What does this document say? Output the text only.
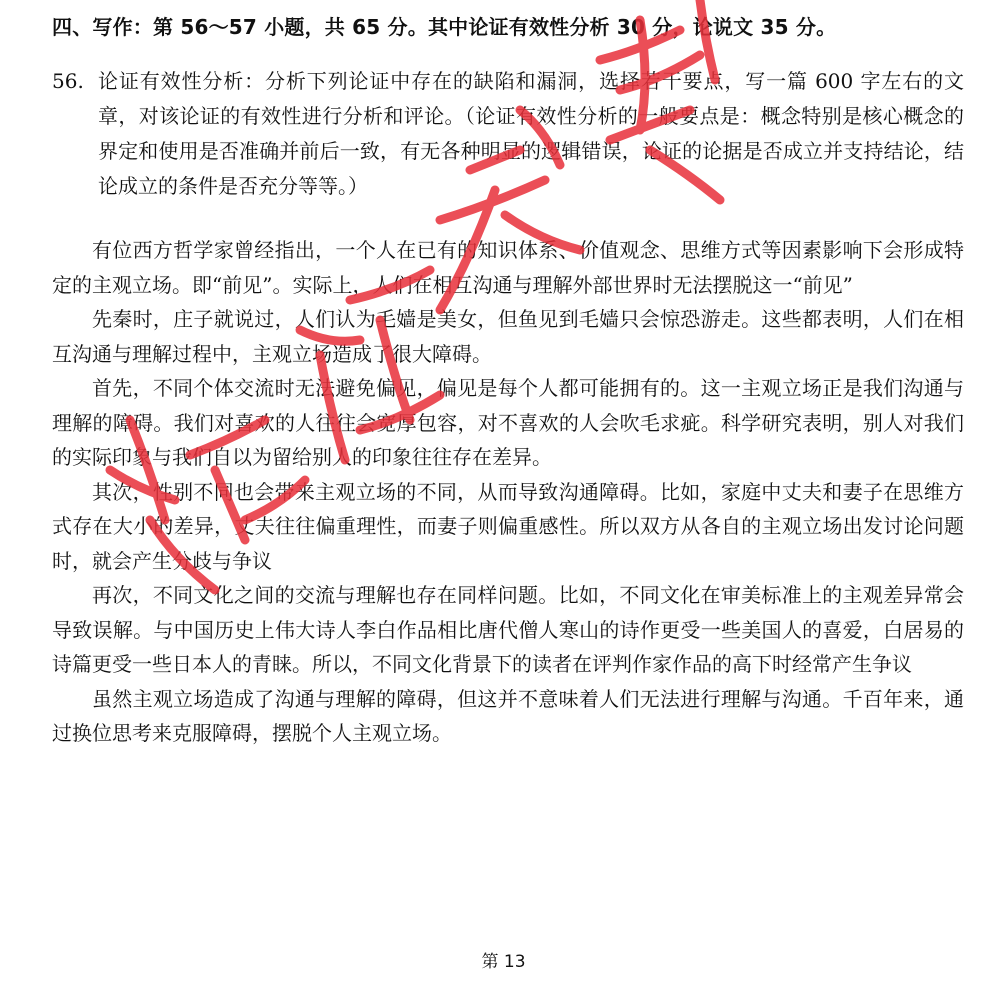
四、写作：第 56～57 小题，共 65 分。其中论证有效性分析 30 分，论说文 35 分。
56. 论证有效性分析：分析下列论证中存在的缺陷和漏洞，选择若干要点，写一篇 600 字左右的文章，对该论证的有效性进行分析和评论。（论证有效性分析的一般要点是：概念特别是核心概念的界定和使用是否准确并前后一致，有无各种明显的逻辑错误，论证的论据是否成立并支持结论，结论成立的条件是否充分等等。）

有位西方哲学家曾经指出，一个人在已有的知识体系、价值观念、思维方式等因素影响下会形成特定的主观立场。即“前见”。实际上，人们在相互沟通与理解外部世界时无法摆脱这一“前见”

先秦时，庄子就说过，人们认为毛嫱是美女，但鱼见到毛嫱只会惊恐游走。这些都表明，人们在相互沟通与理解过程中，主观立场造成了很大障碍。

首先，不同个体交流时无法避免偏见，偏见是每个人都可能拥有的。这一主观立场正是我们沟通与理解的障碍。我们对喜欢的人往往会宽厚包容，对不喜欢的人会吹毛求疵。科学研究表明，别人对我们的实际印象与我们自以为留给别人的印象往往存在差异。

其次，性别不同也会带来主观立场的不同，从而导致沟通障碍。比如，家庭中丈夫和妻子在思维方式存在大小的差异，丈夫往往偏重理性，而妻子则偏重感性。所以双方从各自的主观立场出发讨论问题时，就会产生分歧与争议

再次，不同文化之间的交流与理解也存在同样问题。比如，不同文化在审美标准上的主观差异常会导致误解。与中国历史上伟大诗人李白作品相比唐代僧人寒山的诗作更受一些美国人的喜爱，白居易的诗篇更受一些日本人的青睐。所以，不同文化背景下的读者在评判作家作品的高下时经常产生争议

虽然主观立场造成了沟通与理解的障碍，但这并不意味着人们无法进行理解与沟通。千百年来，通过换位思考来克服障碍，摆脱个人主观立场。

第 13
